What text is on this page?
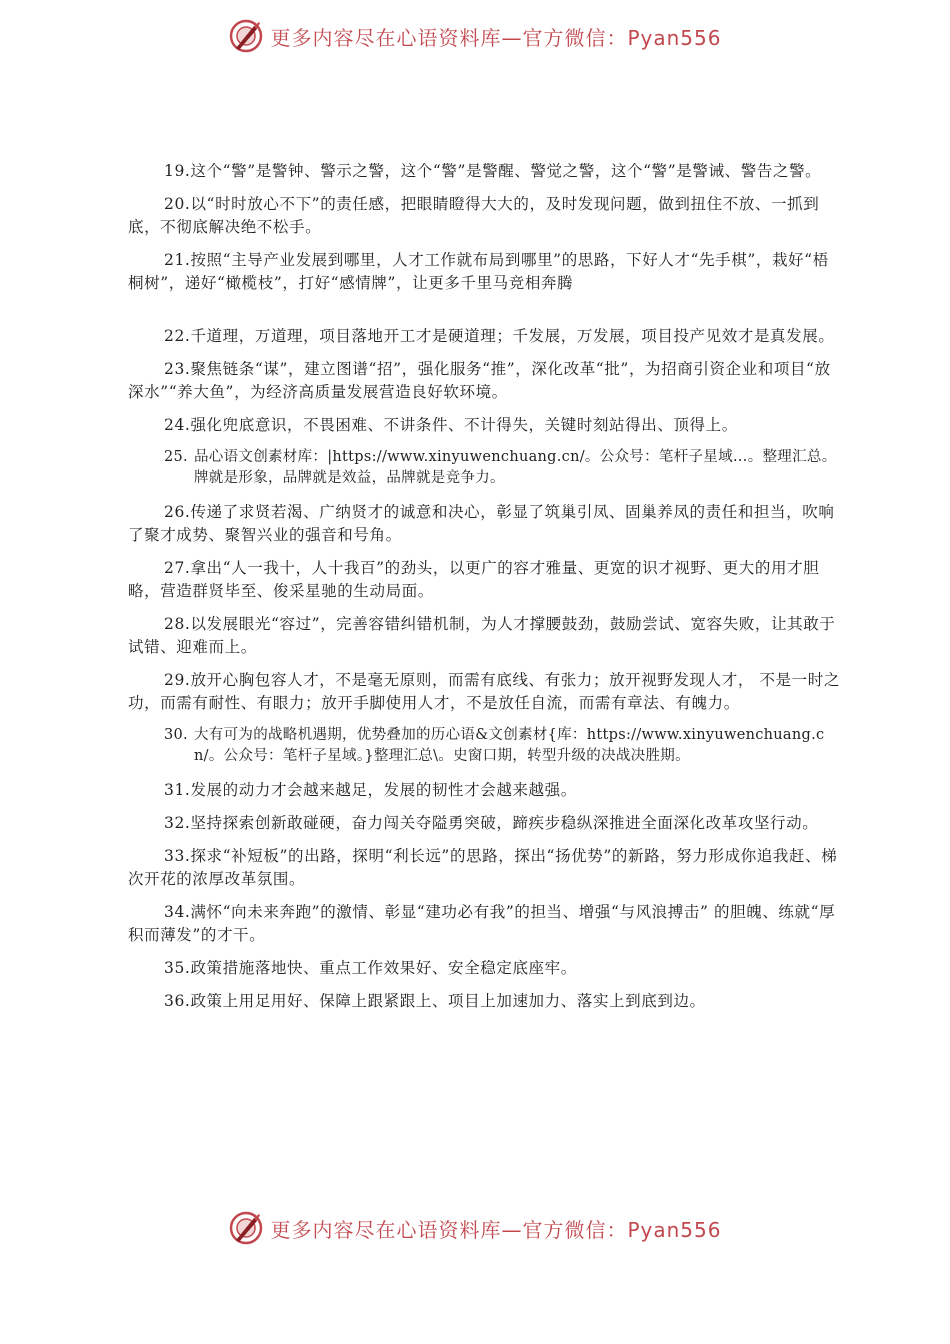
更多内容尽在心语资料库—官方微信：Pyan556

19.这个“警”是警钟、警示之警，这个“警”是警醒、警觉之警，这个“警”是警诫、警告之警。

20.以“时时放心不下”的责任感，把眼睛瞪得大大的，及时发现问题，做到扭住不放、一抓到底，不彻底解决绝不松手。

21.按照“主导产业发展到哪里，人才工作就布局到哪里”的思路，下好人才“先手棋”，栽好“梧桐树”，递好“橄榄枝”，打好“感情牌”，让更多千里马竞相奔腾

22.千道理，万道理，项目落地开工才是硬道理；千发展，万发展，项目投产见效才是真发展。

23.聚焦链条“谋”，建立图谱“招”，强化服务“推”，深化改革“批”，为招商引资企业和项目“放深水”“养大鱼”，为经济高质量发展营造良好软环境。

24.强化兜底意识，不畏困难、不讲条件、不计得失，关键时刻站得出、顶得上。

25. 品心语文创素材库：|https://www.xinyuwenchuang.cn/。公众号：笔杆子星域…。整理汇总。牌就是形象，品牌就是效益，品牌就是竞争力。

26.传递了求贤若渴、广纳贤才的诚意和决心，彰显了筑巢引凤、固巢养凤的责任和担当，吹响了聚才成势、聚智兴业的强音和号角。

27.拿出“人一我十，人十我百”的劲头，以更广的容才雅量、更宽的识才视野、更大的用才胆略，营造群贤毕至、俊采星驰的生动局面。

28.以发展眼光“容过”，完善容错纠错机制，为人才撑腰鼓劲，鼓励尝试、宽容失败，让其敢于试错、迎难而上。

29.放开心胸包容人才，不是毫无原则，而需有底线、有张力；放开视野发现人才， 不是一时之功，而需有耐性、有眼力；放开手脚使用人才，不是放任自流，而需有章法、有魄力。

30. 大有可为的战略机遇期，优势叠加的历心语&文创素材{库：https://www.xinyuwenchuang.cn/。公众号：笔杆子星域。}整理汇总\。史窗口期，转型升级的决战决胜期。

31.发展的动力才会越来越足，发展的韧性才会越来越强。

32.坚持探索创新敢碰硬，奋力闯关夺隘勇突破，蹄疾步稳纵深推进全面深化改革攻坚行动。

33.探求“补短板”的出路，探明“利长远”的思路，探出“扬优势”的新路，努力形成你追我赶、梯次开花的浓厚改革氛围。

34.满怀“向未来奔跑”的激情、彰显“建功必有我”的担当、增强“与风浪搏击” 的胆魄、练就“厚积而薄发”的才干。

35.政策措施落地快、重点工作效果好、安全稳定底座牢。

36.政策上用足用好、保障上跟紧跟上、项目上加速加力、落实上到底到边。

更多内容尽在心语资料库—官方微信：Pyan556
